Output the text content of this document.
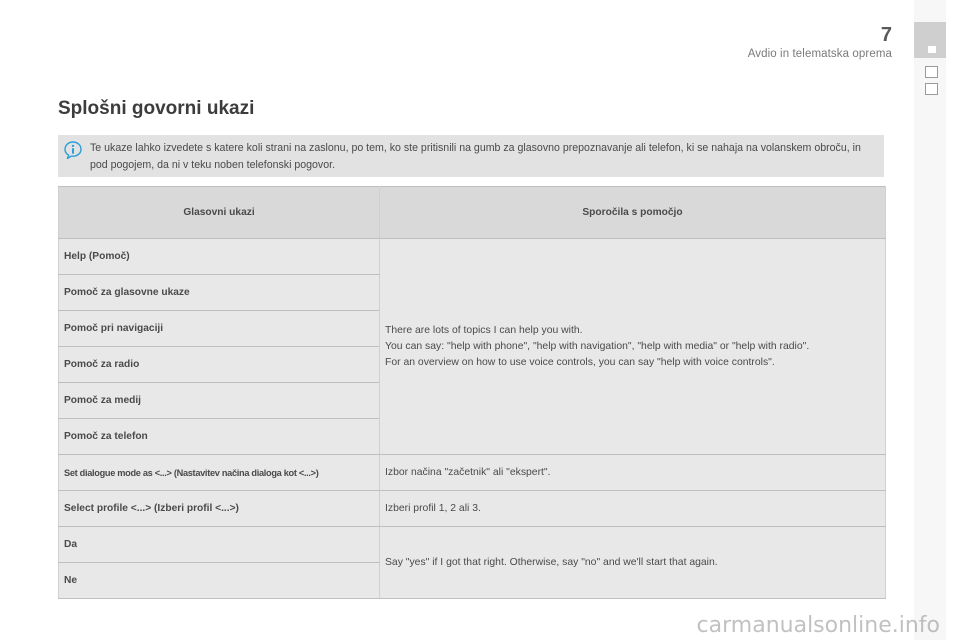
7
Avdio in telematska oprema
Splošni govorni ukazi
Te ukaze lahko izvedete s katere koli strani na zaslonu, po tem, ko ste pritisnili na gumb za glasovno prepoznavanje ali telefon, ki se nahaja na volanskem obroču, in pod pogojem, da ni v teku noben telefonski pogovor.
Glasovni ukazi	Sporočila s pomočjo
Help (Pomoč)	There are lots of topics I can help you with.
You can say: "help with phone", "help with navigation", "help with media" or "help with radio".
For an overview on how to use voice controls, you can say "help with voice controls".

Pomoč za glasovne ukaze	
Pomoč pri navigaciji	
Pomoč za radio	
Pomoč za medij	
Pomoč za telefon	
Set dialogue mode as <...> (Nastavitev načina dialoga kot <...>)	Izbor načina "začetnik" ali "ekspert".
Select profile <...> (Izberi profil <...>)	Izberi profil 1, 2 ali 3.
Da	Say "yes" if I got that right. Otherwise, say "no" and we'll start that again.
Ne	
carmanualsonline.info
